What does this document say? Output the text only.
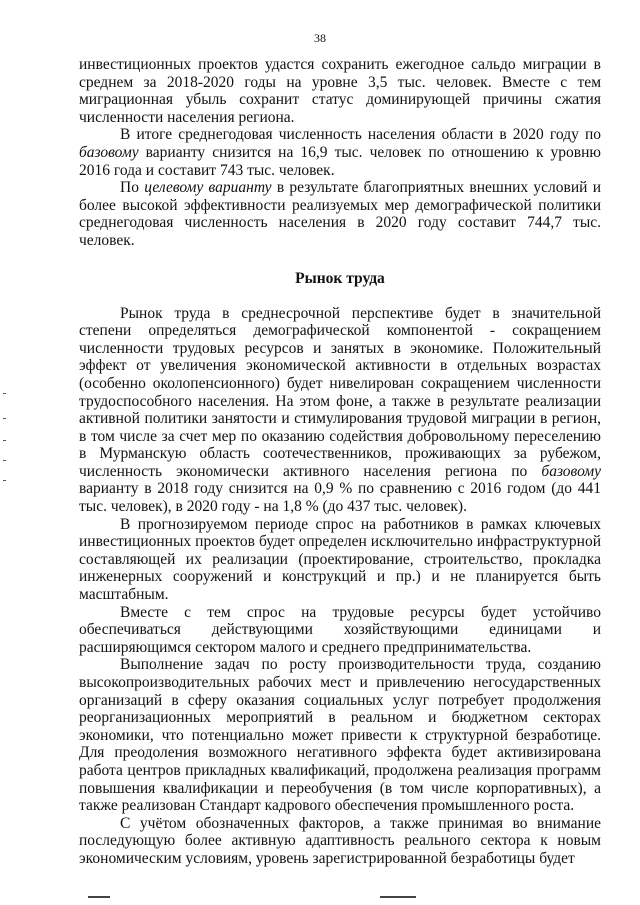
38

инвестиционных проектов удастся сохранить ежегодное сальдо миграции в среднем за 2018-2020 годы на уровне 3,5 тыс. человек. Вместе с тем миграционная убыль сохранит статус доминирующей причины сжатия численности населения региона.

В итоге среднегодовая численность населения области в 2020 году по базовому варианту снизится на 16,9 тыс. человек по отношению к уровню 2016 года и составит 743 тыс. человек.

По целевому варианту в результате благоприятных внешних условий и более высокой эффективности реализуемых мер демографической политики среднегодовая численность населения в 2020 году составит 744,7 тыс. человек.

Рынок труда

Рынок труда в среднесрочной перспективе будет в значительной степени определяться демографической компонентой - сокращением численности трудовых ресурсов и занятых в экономике. Положительный эффект от увеличения экономической активности в отдельных возрастах (особенно околопенсионного) будет нивелирован сокращением численности трудоспособного населения. На этом фоне, а также в результате реализации активной политики занятости и стимулирования трудовой миграции в регион, в том числе за счет мер по оказанию содействия добровольному переселению в Мурманскую область соотечественников, проживающих за рубежом, численность экономически активного населения региона по базовому варианту в 2018 году снизится на 0,9 % по сравнению с 2016 годом (до 441 тыс. человек), в 2020 году - на 1,8 % (до 437 тыс. человек).

В прогнозируемом периоде спрос на работников в рамках ключевых инвестиционных проектов будет определен исключительно инфраструктурной составляющей их реализации (проектирование, строительство, прокладка инженерных сооружений и конструкций и пр.) и не планируется быть масштабным.

Вместе с тем спрос на трудовые ресурсы будет устойчиво обеспечиваться действующими хозяйствующими единицами и расширяющимся сектором малого и среднего предпринимательства.

Выполнение задач по росту производительности труда, созданию высокопроизводительных рабочих мест и привлечению негосударственных организаций в сферу оказания социальных услуг потребует продолжения реорганизационных мероприятий в реальном и бюджетном секторах экономики, что потенциально может привести к структурной безработице. Для преодоления возможного негативного эффекта будет активизирована работа центров прикладных квалификаций, продолжена реализация программ повышения квалификации и переобучения (в том числе корпоративных), а также реализован Стандарт кадрового обеспечения промышленного роста.

С учётом обозначенных факторов, а также принимая во внимание последующую более активную адаптивность реального сектора к новым экономическим условиям, уровень зарегистрированной безработицы будет
